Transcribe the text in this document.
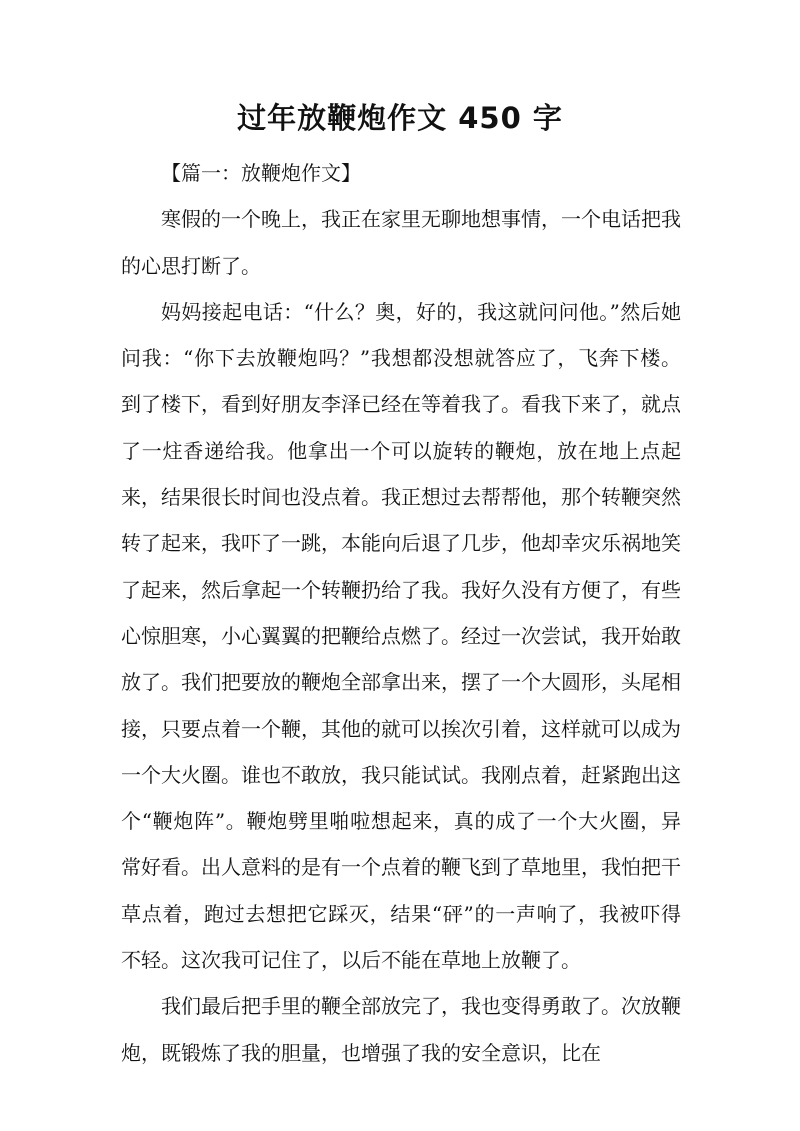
过年放鞭炮作文 450 字

【篇一：放鞭炮作文】

寒假的一个晚上，我正在家里无聊地想事情，一个电话把我的心思打断了。

妈妈接起电话：“什么？奥，好的，我这就问问他。”然后她问我：“你下去放鞭炮吗？”我想都没想就答应了，飞奔下楼。到了楼下，看到好朋友李泽已经在等着我了。看我下来了，就点了一炷香递给我。他拿出一个可以旋转的鞭炮，放在地上点起来，结果很长时间也没点着。我正想过去帮帮他，那个转鞭突然转了起来，我吓了一跳，本能向后退了几步，他却幸灾乐祸地笑了起来，然后拿起一个转鞭扔给了我。我好久没有方便了，有些心惊胆寒，小心翼翼的把鞭给点燃了。经过一次尝试，我开始敢放了。我们把要放的鞭炮全部拿出来，摆了一个大圆形，头尾相接，只要点着一个鞭，其他的就可以挨次引着，这样就可以成为一个大火圈。谁也不敢放，我只能试试。我刚点着，赶紧跑出这个“鞭炮阵”。鞭炮劈里啪啦想起来，真的成了一个大火圈，异常好看。出人意料的是有一个点着的鞭飞到了草地里，我怕把干草点着，跑过去想把它踩灭，结果“砰”的一声响了，我被吓得不轻。这次我可记住了，以后不能在草地上放鞭了。

我们最后把手里的鞭全部放完了，我也变得勇敢了。次放鞭炮，既锻炼了我的胆量，也增强了我的安全意识，比在
